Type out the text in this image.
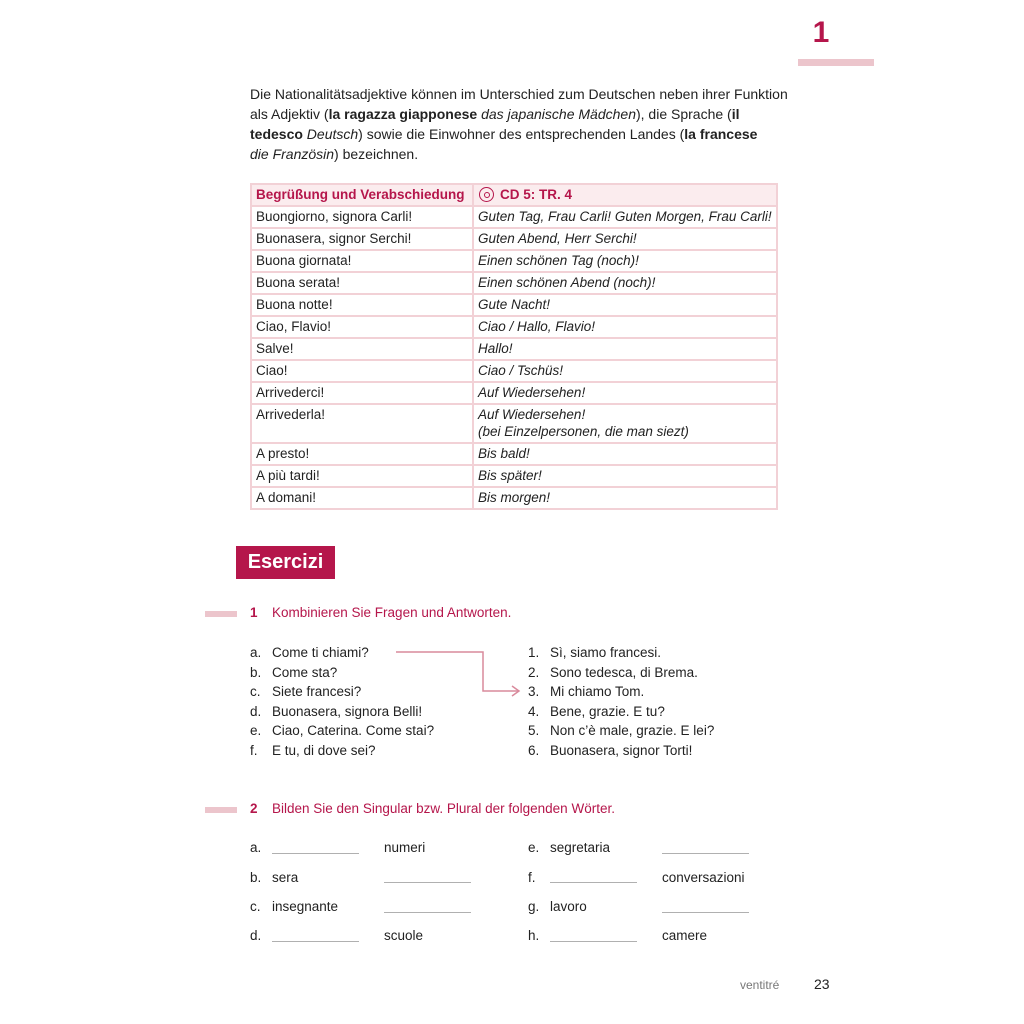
1

Die Nationalitätsadjektive können im Unterschied zum Deutschen neben ihrer Funktion als Adjektiv (la ragazza giapponese das japanische Mädchen), die Sprache (il tedesco Deutsch) sowie die Einwohner des entsprechenden Landes (la francese
die Französin) bezeichnen.

Begrüßung und Verabschiedung	CD 5: TR. 4
Buongiorno, signora Carli!	Guten Tag, Frau Carli! Guten Morgen, Frau Carli!
Buonasera, signor Serchi!	Guten Abend, Herr Serchi!
Buona giornata!	Einen schönen Tag (noch)!
Buona serata!	Einen schönen Abend (noch)!
Buona notte!	Gute Nacht!
Ciao, Flavio!	Ciao / Hallo, Flavio!
Salve!	Hallo!
Ciao!	Ciao / Tschüs!
Arrivederci!	Auf Wiedersehen!
Arrivederla!	Auf Wiedersehen!
(bei Einzelpersonen, die man siezt)
A presto!	Bis bald!
A più tardi!	Bis später!
A domani!	Bis morgen!
Esercizi
1 Kombinieren Sie Fragen und Antworten.
a. Come ti chiami?
b. Come sta?
c. Siete francesi?
d. Buonasera, signora Belli!
e. Ciao, Caterina. Come stai?
f.	E tu, di dove sei?
1. Sì, siamo francesi.
2. Sono tedesca, di Brema.
3. Mi chiamo Tom.
4. Bene, grazie. E tu?
5. Non c’è male, grazie. E lei?
6. Buonasera, signor Torti!
2 Bilden Sie den Singular bzw. Plural der folgenden Wörter.
a.	numeri
b. sera
c. insegnante
d.	scuole
e. segretaria
f.	conversazioni
g. lavoro
h.	camere
ventitré 23
